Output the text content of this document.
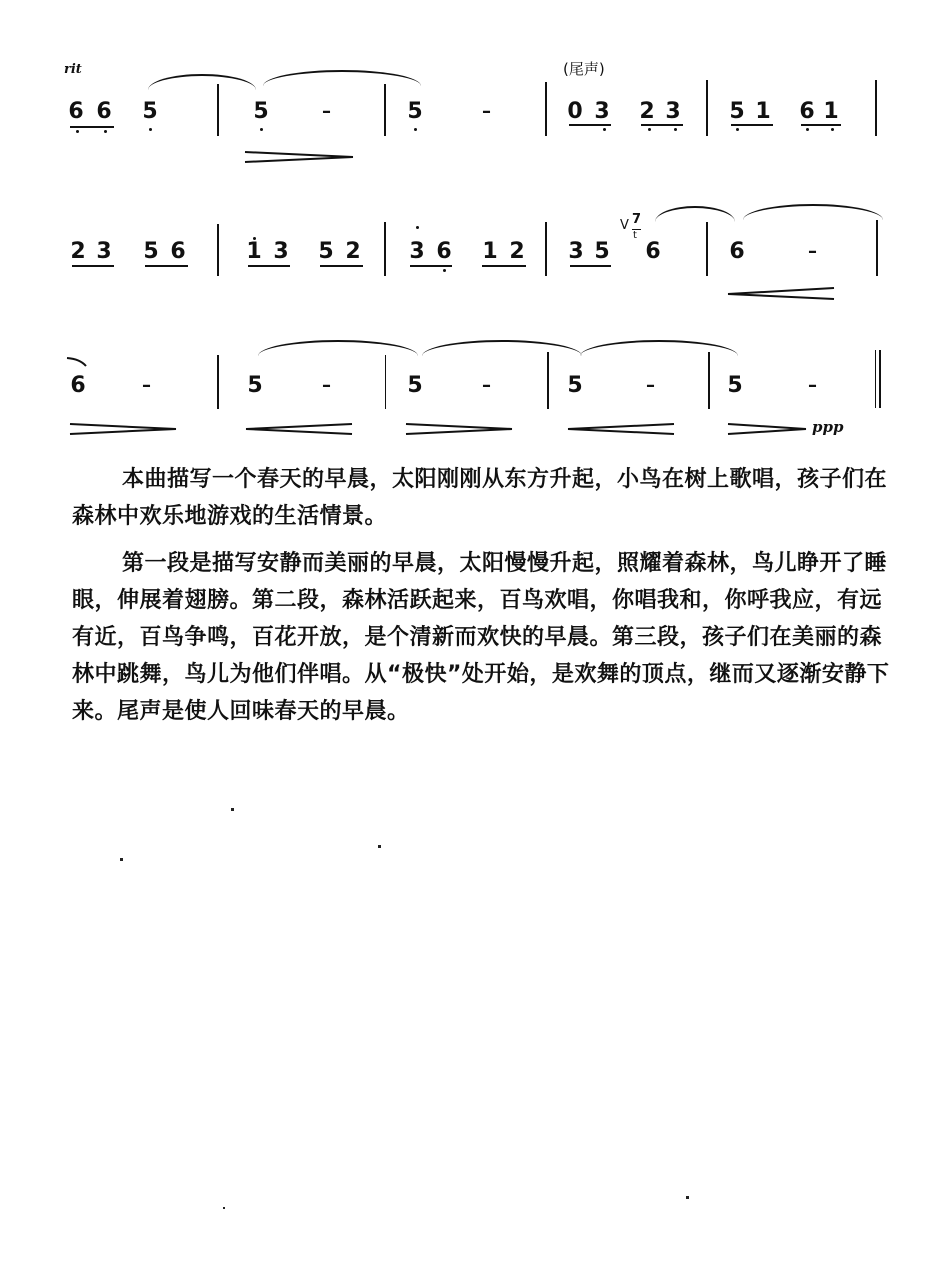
rit	(尾声)
6 6 5	5	–	5	–	0 3 2 3 5 1 6 1
2 3 5 6	1 3 5 2 3 6 1 2 3 5
V 7
t
6	6	–
6	–	5	–	5	–	5	–	5	–
ppp
本曲描写一个春天的早晨，太阳刚刚从东方升起，小鸟在树上歌唱，孩子们在森林中欢乐地游戏的生活情景。
第一段是描写安静而美丽的早晨，太阳慢慢升起，照耀着森林，鸟儿睁开了睡眼，伸展着翅膀。第二段，森林活跃起来，百鸟欢唱，你唱我和，你呼我应，有远有近，百鸟争鸣，百花开放，是个清新而欢快的早晨。第三段，孩子们在美丽的森林中跳舞，鸟儿为他们伴唱。从“极快”处开始，是欢舞的顶点，继而又逐渐安静下来。尾声是使人回味春天的早晨。
